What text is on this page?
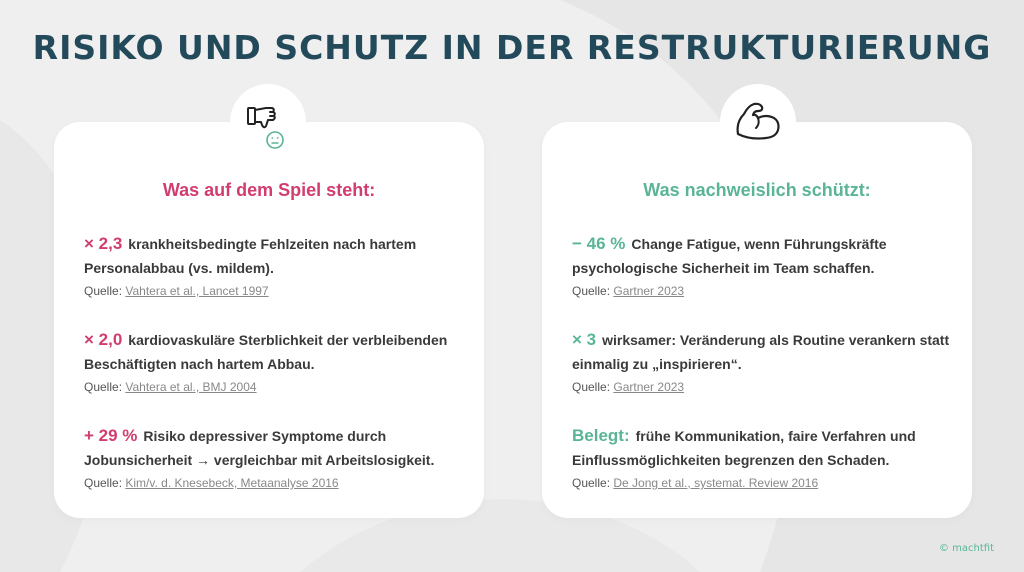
RISIKO UND SCHUTZ IN DER RESTRUKTURIERUNG
Was auf dem Spiel steht:
× 2,3 krankheitsbedingte Fehlzeiten nach hartem Personalabbau (vs. mildem).
Quelle: Vahtera et al., Lancet 1997
× 2,0 kardiovaskuläre Sterblichkeit der verbleibenden Beschäftigten nach hartem Abbau.
Quelle: Vahtera et al., BMJ 2004
+ 29 % Risiko depressiver Symptome durch Jobunsicherheit → vergleichbar mit Arbeitslosigkeit.
Quelle: Kim/v. d. Knesebeck, Metaanalyse 2016
Was nachweislich schützt:
− 46 % Change Fatigue, wenn Führungskräfte psychologische Sicherheit im Team schaffen.
Quelle: Gartner 2023
× 3 wirksamer: Veränderung als Routine verankern statt einmalig zu „inspirieren“.
Quelle: Gartner 2023
Belegt: frühe Kommunikation, faire Verfahren und Einflussmöglichkeiten begrenzen den Schaden.
Quelle: De Jong et al., systemat. Review 2016
© machtfit
